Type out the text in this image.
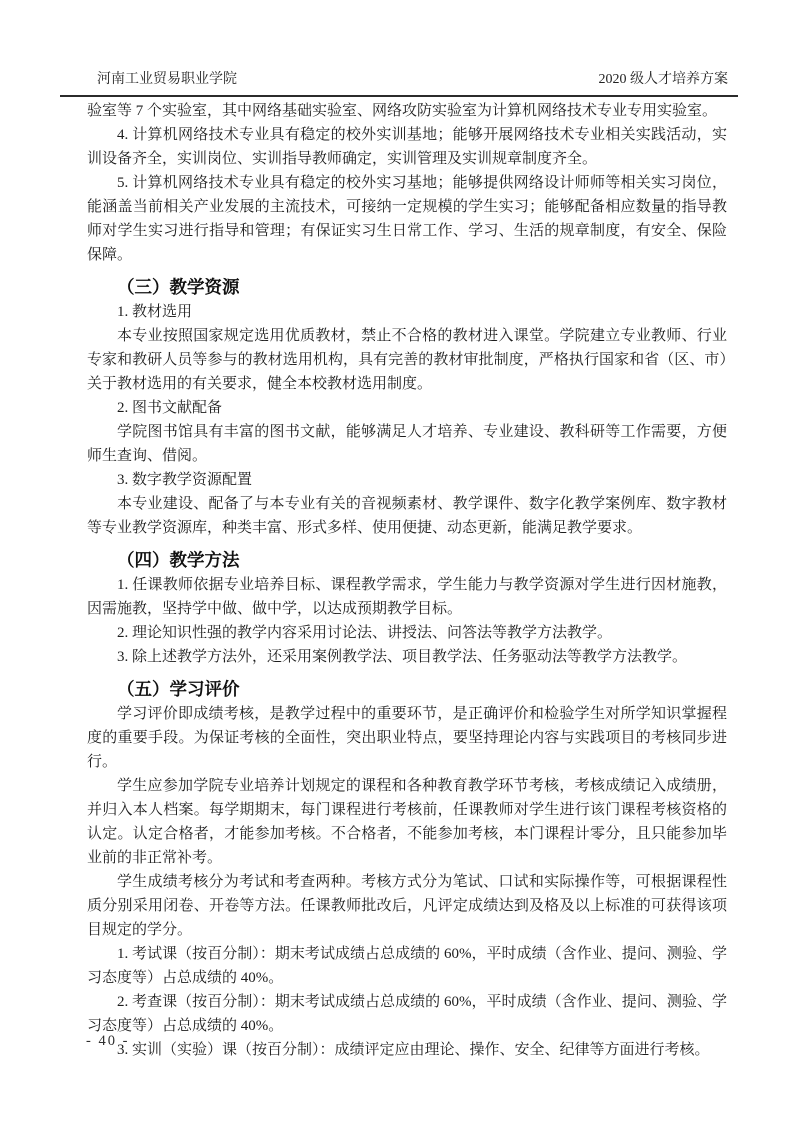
河南工业贸易职业学院	2020 级人才培养方案

验室等 7 个实验室，其中网络基础实验室、网络攻防实验室为计算机网络技术专业专用实验室。

4. 计算机网络技术专业具有稳定的校外实训基地；能够开展网络技术专业相关实践活动，实训设备齐全，实训岗位、实训指导教师确定，实训管理及实训规章制度齐全。

5. 计算机网络技术专业具有稳定的校外实习基地；能够提供网络设计师师等相关实习岗位，能涵盖当前相关产业发展的主流技术，可接纳一定规模的学生实习；能够配备相应数量的指导教师对学生实习进行指导和管理；有保证实习生日常工作、学习、生活的规章制度，有安全、保险保障。

（三）教学资源

1. 教材选用

本专业按照国家规定选用优质教材，禁止不合格的教材进入课堂。学院建立专业教师、行业专家和教研人员等参与的教材选用机构，具有完善的教材审批制度，严格执行国家和省（区、市）关于教材选用的有关要求，健全本校教材选用制度。

2. 图书文献配备

学院图书馆具有丰富的图书文献，能够满足人才培养、专业建设、教科研等工作需要，方便师生查询、借阅。

3. 数字教学资源配置

本专业建设、配备了与本专业有关的音视频素材、教学课件、数字化教学案例库、数字教材等专业教学资源库，种类丰富、形式多样、使用便捷、动态更新，能满足教学要求。

（四）教学方法

1. 任课教师依据专业培养目标、课程教学需求，学生能力与教学资源对学生进行因材施教，因需施教，坚持学中做、做中学，以达成预期教学目标。

2. 理论知识性强的教学内容采用讨论法、讲授法、问答法等教学方法教学。

3. 除上述教学方法外，还采用案例教学法、项目教学法、任务驱动法等教学方法教学。

（五）学习评价

学习评价即成绩考核，是教学过程中的重要环节，是正确评价和检验学生对所学知识掌握程度的重要手段。为保证考核的全面性，突出职业特点，要坚持理论内容与实践项目的考核同步进行。

学生应参加学院专业培养计划规定的课程和各种教育教学环节考核，考核成绩记入成绩册，并归入本人档案。每学期期末，每门课程进行考核前，任课教师对学生进行该门课程考核资格的认定。认定合格者，才能参加考核。不合格者，不能参加考核，本门课程计零分，且只能参加毕业前的非正常补考。

学生成绩考核分为考试和考查两种。考核方式分为笔试、口试和实际操作等，可根据课程性质分别采用闭卷、开卷等方法。任课教师批改后，凡评定成绩达到及格及以上标准的可获得该项目规定的学分。

1. 考试课（按百分制）：期末考试成绩占总成绩的 60%，平时成绩（含作业、提问、测验、学习态度等）占总成绩的 40%。

2. 考查课（按百分制）：期末考试成绩占总成绩的 60%，平时成绩（含作业、提问、测验、学习态度等）占总成绩的 40%。

3. 实训（实验）课（按百分制）：成绩评定应由理论、操作、安全、纪律等方面进行考核。

- 40 -
